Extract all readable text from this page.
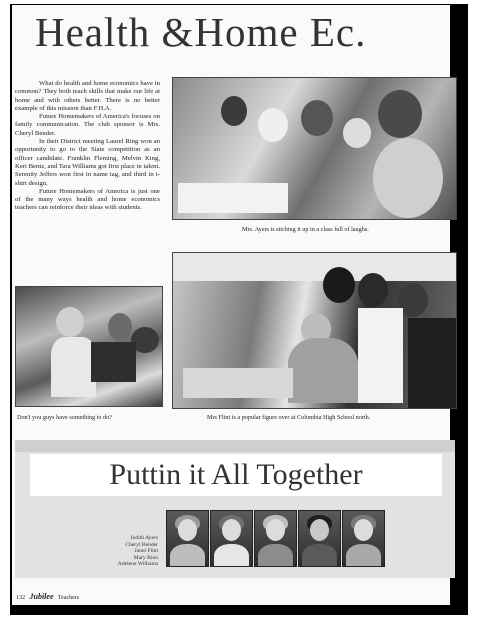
Health &Home Ec.

What do health and home economics have in common? They both teach skills that make our life at home and with others better. There is no better example of this mission than F.H.A.

Future Homemakers of America's focuses on family communication. The club sponsor is Mrs. Cheryl Bender.

In their District meeting Laurel Ring won an opportunity to go to the State competition as an officer candidate. Franklin Fleming, Melvin King, Keri Bentz, and Tara Williams got first place in talent. Serenity Jeffers won first in name tag, and third in t-shirt design.

Future Homemakers of America is just one of the many ways health and home economics teachers can reinforce their ideas with students.

Mrs. Ayers is stiching it up in a class full of laughs.
Don't you guys have something to do?	Mrs Flint is a popular figure over at Columbia High School north.
Puttin it All Together
Judith Ayers
Cheryl Bender
Janet Flint
Mary Rinn
Adelene Williams
132 Jubilee Teachers
